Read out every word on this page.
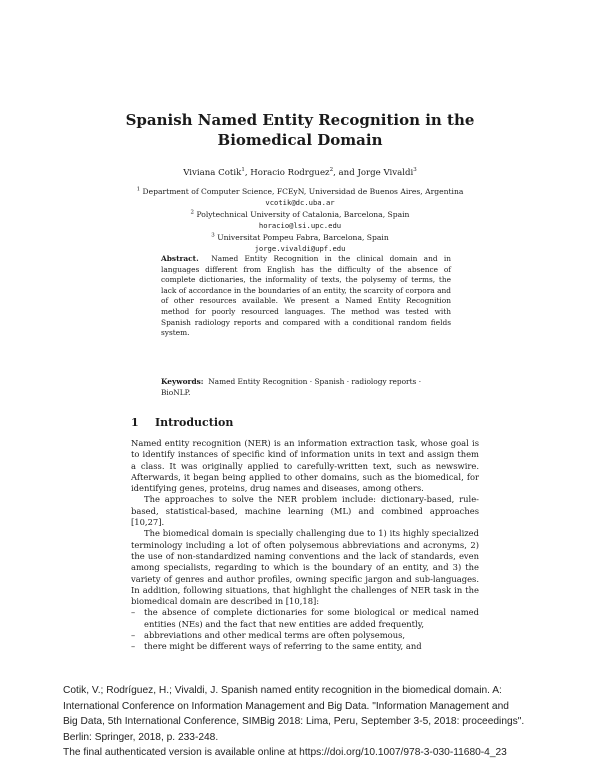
Spanish Named Entity Recognition in the
Biomedical Domain
Viviana Cotik$^1$, Horacio Rodrguez$^2$, and Jorge Vivaldi$^3$
$^1$ Department of Computer Science, FCEyN, Universidad de Buenos Aires, Argentina
vcotik@dc.uba.ar
$^2$ Polytechnical University of Catalonia, Barcelona, Spain
horacio@lsi.upc.edu
$^3$ Universitat Pompeu Fabra, Barcelona, Spain
jorge.vivaldi@upf.edu
Abstract. Named Entity Recognition in the clinical domain and in languages different from English has the difficulty of the absence of complete dictionaries, the informality of texts, the polysemy of terms, the lack of accordance in the boundaries of an entity, the scarcity of corpora and of other resources available. We present a Named Entity Recognition method for poorly resourced languages. The method was tested with Spanish radiology reports and compared with a conditional random fields system.
Keywords: Named Entity Recognition · Spanish · radiology reports · BioNLP.
1 Introduction

Named entity recognition (NER) is an information extraction task, whose goal is to identify instances of specific kind of information units in text and assign them a class. It was originally applied to carefully-written text, such as newswire. Afterwards, it began being applied to other domains, such as the biomedical, for identifying genes, proteins, drug names and diseases, among others.

The approaches to solve the NER problem include: dictionary-based, rule-based, statistical-based, machine learning (ML) and combined approaches [10,27].

The biomedical domain is specially challenging due to 1) its highly specialized terminology including a lot of often polysemous abbreviations and acronyms, 2) the use of non-standardized naming conventions and the lack of standards, even among specialists, regarding to which is the boundary of an entity, and 3) the variety of genres and author profiles, owning specific jargon and sub-languages. In addition, following situations, that highlight the challenges of NER task in the biomedical domain are described in [10,18]:

– the absence of complete dictionaries for some biological or medical named entities (NEs) and the fact that new entities are added frequently,
– abbreviations and other medical terms are often polysemous,
– there might be different ways of referring to the same entity, and
Cotik, V.; Rodríguez, H.; Vivaldi, J. Spanish named entity recognition in the biomedical domain. A:
International Conference on Information Management and Big Data. "Information Management and
Big Data, 5th International Conference, SIMBig 2018: Lima, Peru, September 3-5, 2018: proceedings".
Berlin: Springer, 2018, p. 233-248.
The final authenticated version is available online at https://doi.org/10.1007/978-3-030-11680-4_23
